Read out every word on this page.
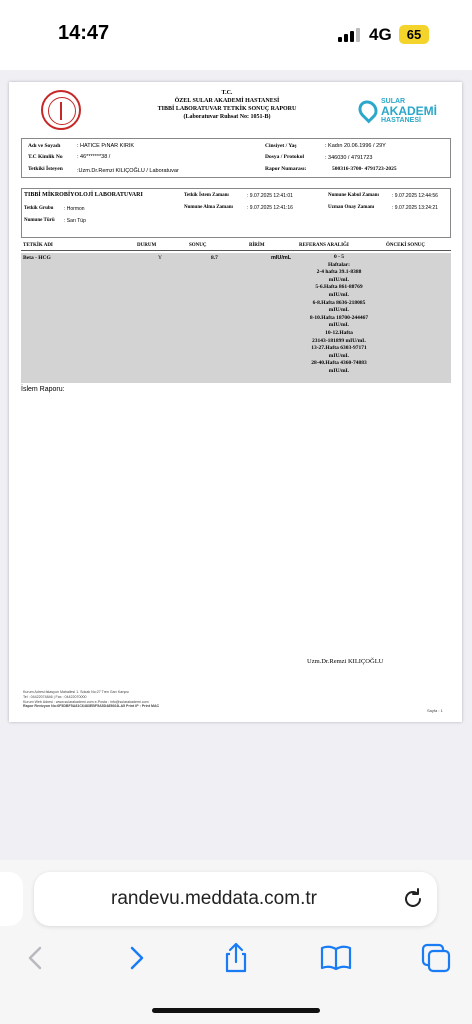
14:47	4G	65
T.C.
ÖZEL SULAR AKADEMİ HASTANESİ
TIBBİ LABORATUVAR TETKİK SONUÇ RAPORU
(Laboratuvar Ruhsat No: 1051-B)
SULAR
AKADEMİ
HASTANESİ
Adı ve Soyadı	: HATICE PıNAR KIRIK
T.C Kimlik No	: 46*******38 /
Tetkiki İsteyen	:Uzm.Dr.Remzi KILIÇOĞLU / Laboratuvar
Cinsiyet / Yaş	: Kadın 20.06.1996 / 29Y
Dosya / Protokol	: 346030 / 4791723
Rapor Numarası:	500316-3700- 4791723-2025
TIBBİ MİKROBİYOLOJİ LABORATUVARI	Tetkik İstem Zamanı	: 9.07.2025 12:41:01	Numune Kabul Zamanı	: 9.07.2025 12:44:56
Tetkik Grubu : Hormon	Numune Alma Zamanı	: 9.07.2025 12:41:16	Uzman Onay Zamanı	: 9.07.2025 13:24:21
Numune Türü : Sarı Tüp
TETKİK ADI	DURUM	SONUÇ	BİRİM	REFERANS ARALIĞI	ÖNCEKİ SONUÇ
Beta - HCG	Y	8.7	mIU/mL	0 - 5
Haftalar:
2-4 hafta 39.1-8388
mIU/mL
5-6.Hafta 861-88769
mIU/mL
6-8.Hafta 8636-218085
mIU/mL
8-10.Hafta 18700-244467
mIU/mL
10-12.Hafta
23143-181899 mIU/mL
13-27.Hafta 6303-97171
mIU/mL
28-40.Hafta 4360-74883
mIU/mL
İslem Raporu:
Uzm.Dr.Remzi KILIÇOĞLU
Kurum Adresi:İstasyon Mahallesi 1. Sokak No:27 Tren Garı Karşısı
Tel : 04422074846 | Fax : 04422070000
Kurum Web Adresi : www.sularakademi.com e-Posta : info@sularakademi.com
Rapor Revizyon No:6F5DBF5A81C6483EBF5A5D485664LA5 Print IP : Print MAC
Sayfa : 1
randevu.meddata.com.tr
